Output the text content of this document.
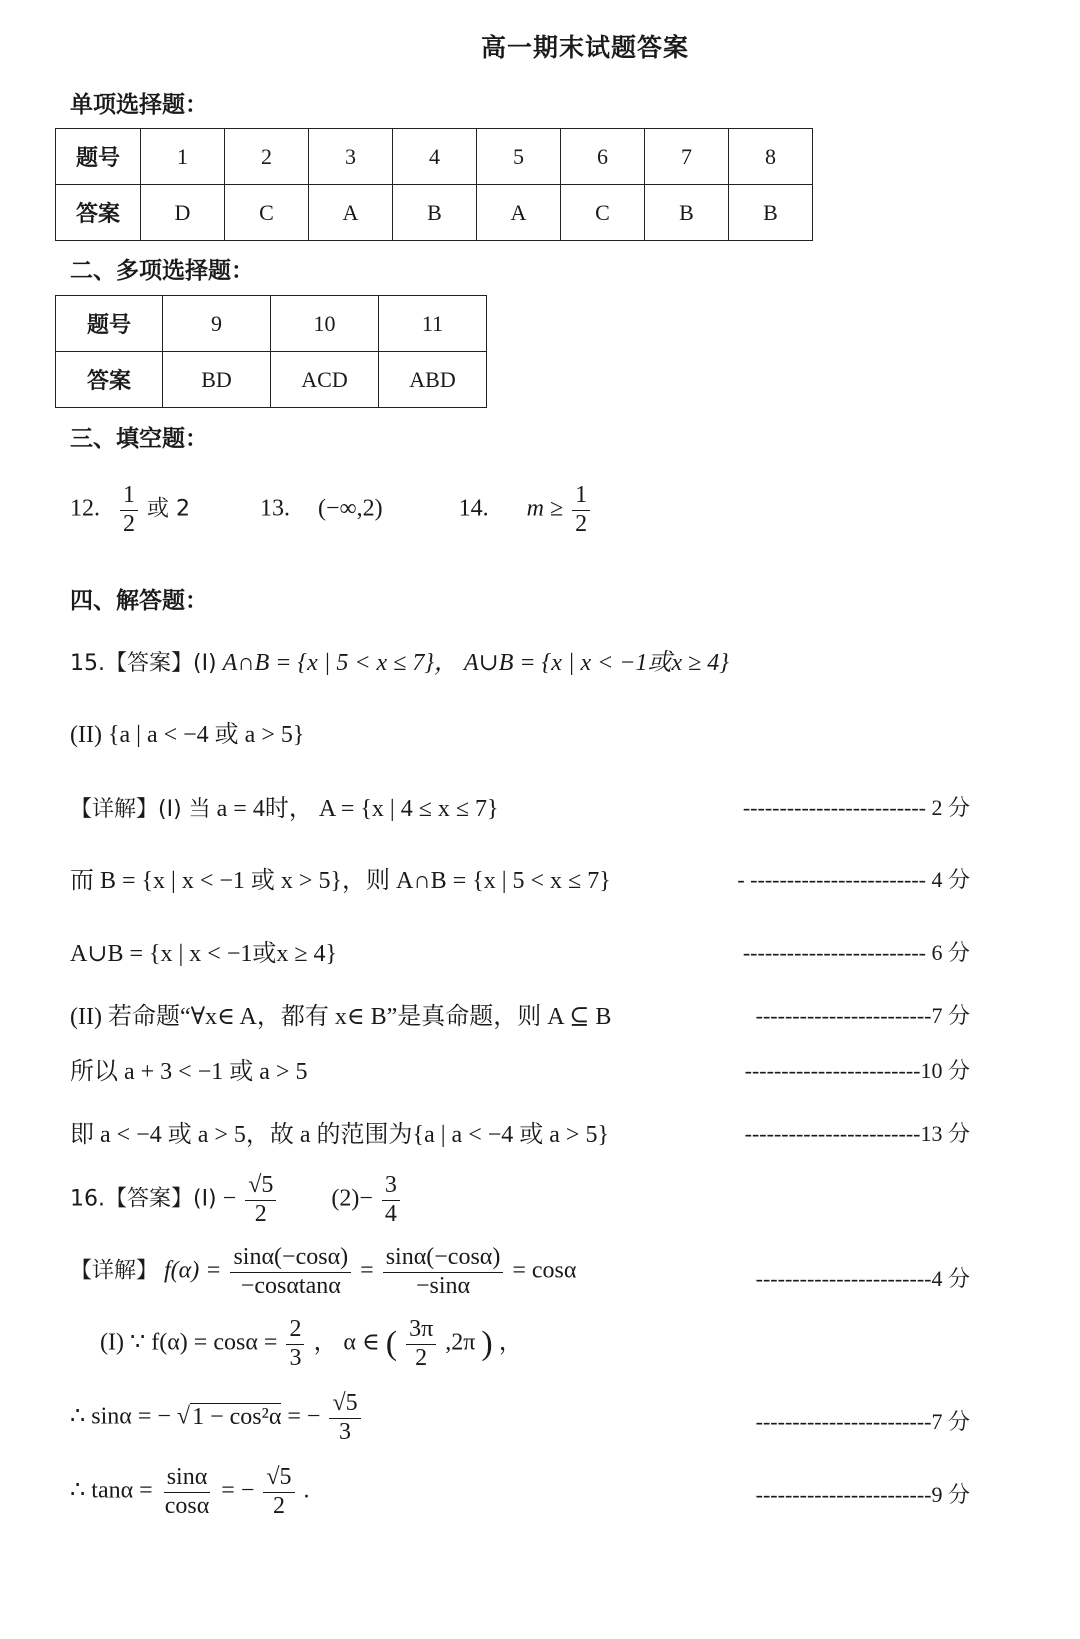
高一期末试题答案
单项选择题：
题号	1	2	3	4	5	6	7	8
答案	D	C	A	B	A	C	B	B
二、多项选择题：
题号	9	10	11
答案	BD	ACD	ABD
三、填空题：
12. $\frac{1}{2}$ 或 2	13. (−∞,2)	14. $m \ge \frac{1}{2}$
四、解答题：
15.【答案】(I) A∩B = {x | 5 < x ≤ 7}， A∪B = {x | x < −1或x ≥ 4}
(II) {a | a < −4 或 a > 5}
【详解】(I) 当 a = 4时， A = {x | 4 ≤ x ≤ 7}	------------------------- 2 分
而 B = {x | x < −1 或 x > 5}，则 A∩B = {x | 5 < x ≤ 7}	- ------------------------ 4 分
A∪B = {x | x < −1或x ≥ 4}	------------------------- 6 分
(II) 若命题“∀x∈ A，都有 x∈ B”是真命题，则 A ⊆ B	------------------------7 分
所以 a + 3 < −1 或 a > 5	------------------------10 分
即 a < −4 或 a > 5，故 a 的范围为{a | a < −4 或 a > 5}	------------------------13 分
16.【答案】$(I) - \frac{√5}{2} (2)- \frac{3}{4}$
【详解】 $f(\alpha) = \frac{\sin\alpha(-\cos\alpha)}{-\cos\alpha\tan\alpha} = \frac{\sin\alpha(-\cos\alpha)}{-\sin\alpha} = \cos\alpha$	------------------------4 分
(I) ∵ $f(\alpha) = \cos\alpha = \frac{2}{3}$ ， α ∈ ( $\frac{3\pi}{2} ,2\pi$ ) ，
∴ sinα = − √1 − cos²α = − $\frac{√5}{3}$	------------------------7 分
∴ $\tan\alpha = \frac{\sin\alpha}{\cos\alpha}$ = − $\frac{√5}{2}$ .	------------------------9 分
